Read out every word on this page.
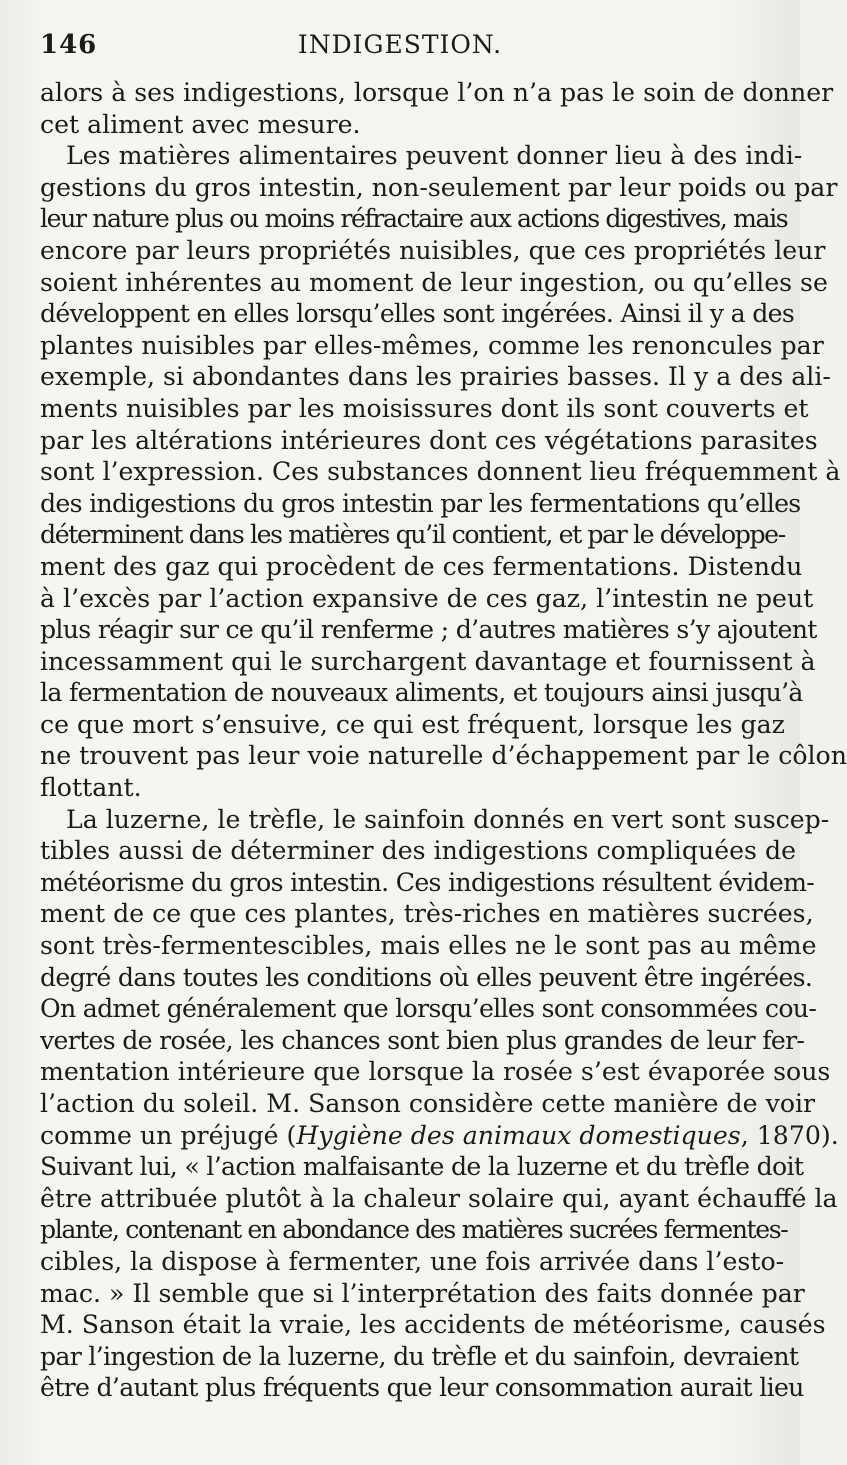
146	INDIGESTION.

alors à ses indigestions, lorsque l’on n’a pas le soin de donner
cet aliment avec mesure.

Les matières alimentaires peuvent donner lieu à des indi-
gestions du gros intestin, non-seulement par leur poids ou par
leur nature plus ou moins réfractaire aux actions digestives, mais
encore par leurs propriétés nuisibles, que ces propriétés leur
soient inhérentes au moment de leur ingestion, ou qu’elles se
développent en elles lorsqu’elles sont ingérées. Ainsi il y a des
plantes nuisibles par elles-mêmes, comme les renoncules par
exemple, si abondantes dans les prairies basses. Il y a des ali-
ments nuisibles par les moisissures dont ils sont couverts et
par les altérations intérieures dont ces végétations parasites
sont l’expression. Ces substances donnent lieu fréquemment à
des indigestions du gros intestin par les fermentations qu’elles
déterminent dans les matières qu’il contient, et par le développe-
ment des gaz qui procèdent de ces fermentations. Distendu
à l’excès par l’action expansive de ces gaz, l’intestin ne peut
plus réagir sur ce qu’il renferme ; d’autres matières s’y ajoutent
incessamment qui le surchargent davantage et fournissent à
la fermentation de nouveaux aliments, et toujours ainsi jusqu’à
ce que mort s’ensuive, ce qui est fréquent, lorsque les gaz
ne trouvent pas leur voie naturelle d’échappement par le côlon
flottant.

La luzerne, le trèfle, le sainfoin donnés en vert sont suscep-
tibles aussi de déterminer des indigestions compliquées de
météorisme du gros intestin. Ces indigestions résultent évidem-
ment de ce que ces plantes, très-riches en matières sucrées,
sont très-fermentescibles, mais elles ne le sont pas au même
degré dans toutes les conditions où elles peuvent être ingérées.
On admet généralement que lorsqu’elles sont consommées cou-
vertes de rosée, les chances sont bien plus grandes de leur fer-
mentation intérieure que lorsque la rosée s’est évaporée sous
l’action du soleil. M. Sanson considère cette manière de voir
comme un préjugé (Hygiène des animaux domestiques, 1870).
Suivant lui, « l’action malfaisante de la luzerne et du trèfle doit
être attribuée plutôt à la chaleur solaire qui, ayant échauffé la
plante, contenant en abondance des matières sucrées fermentes-
cibles, la dispose à fermenter, une fois arrivée dans l’esto-
mac. » Il semble que si l’interprétation des faits donnée par
M. Sanson était la vraie, les accidents de météorisme, causés
par l’ingestion de la luzerne, du trèfle et du sainfoin, devraient
être d’autant plus fréquents que leur consommation aurait lieu
